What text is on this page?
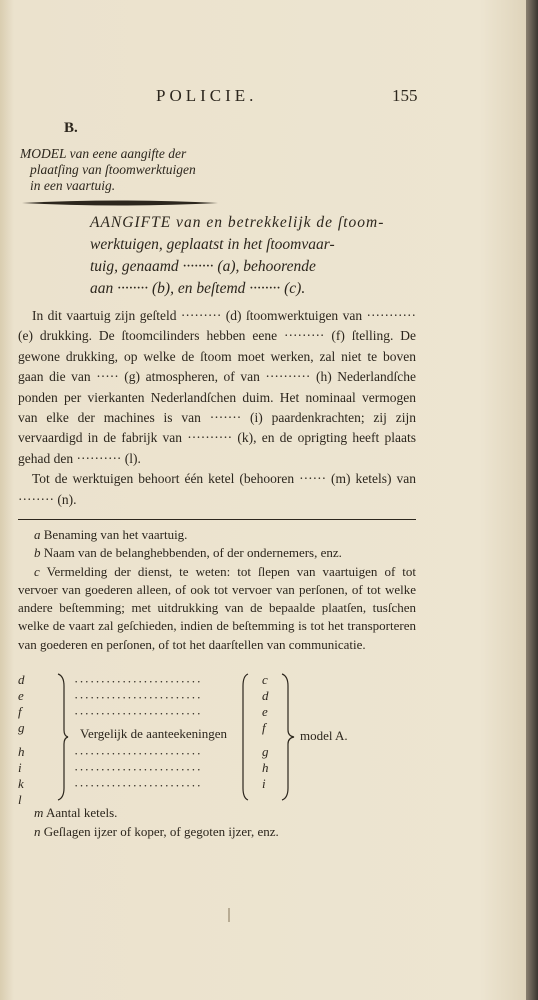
POLICIE.	155
B.
MODEL van eene aangifte der
plaatſing van ſtoomwerktuigen
in een vaartuig.
AANGIFTE van en betrekkelijk de ſtoom-
werktuigen, geplaatst in het ſtoomvaar-
tuig, genaamd ········ (a), behoorende
aan ········ (b), en beſtemd ········ (c).

In dit vaartuig zijn geſteld ········· (d) ſtoomwerktuigen van ··········· (e) drukking. De ſtoomcilinders hebben eene ········· (f) ſtelling. De gewone drukking, op welke de ſtoom moet werken, zal niet te boven gaan die van ····· (g) atmospheren, of van ·········· (h) Nederlandſche ponden per vierkanten Nederlandſchen duim. Het nominaal vermogen van elke der machines is van ······· (i) paardenkrachten; zij zijn vervaardigd in de fabrijk van ·········· (k), en de oprigting heeft plaats gehad den ·········· (l).

Tot de werktuigen behoort één ketel (behooren ······ (m) ketels) van ········ (n).

a Benaming van het vaartuig.

b Naam van de belanghebbenden, of der ondernemers, enz.

c Vermelding der dienst, te weten: tot ſlepen van vaartuigen of tot vervoer van goederen alleen, of ook tot vervoer van perſonen, of tot welke andere beſtemming; met uitdrukking van de bepaalde plaatſen, tusſchen welke de vaart zal geſchieden, indien de beſtemming is tot het transporteren van goederen en perſonen, of tot het daarſtellen van communicatie.

d
e
f
g
h
i
k
l
························
························
························
Vergelijk de aanteekeningen
························
························
························
c
d
e
f
g
h
i
model A.

m Aantal ketels.

n Geſlagen ijzer of koper, of gegoten ijzer, enz.
